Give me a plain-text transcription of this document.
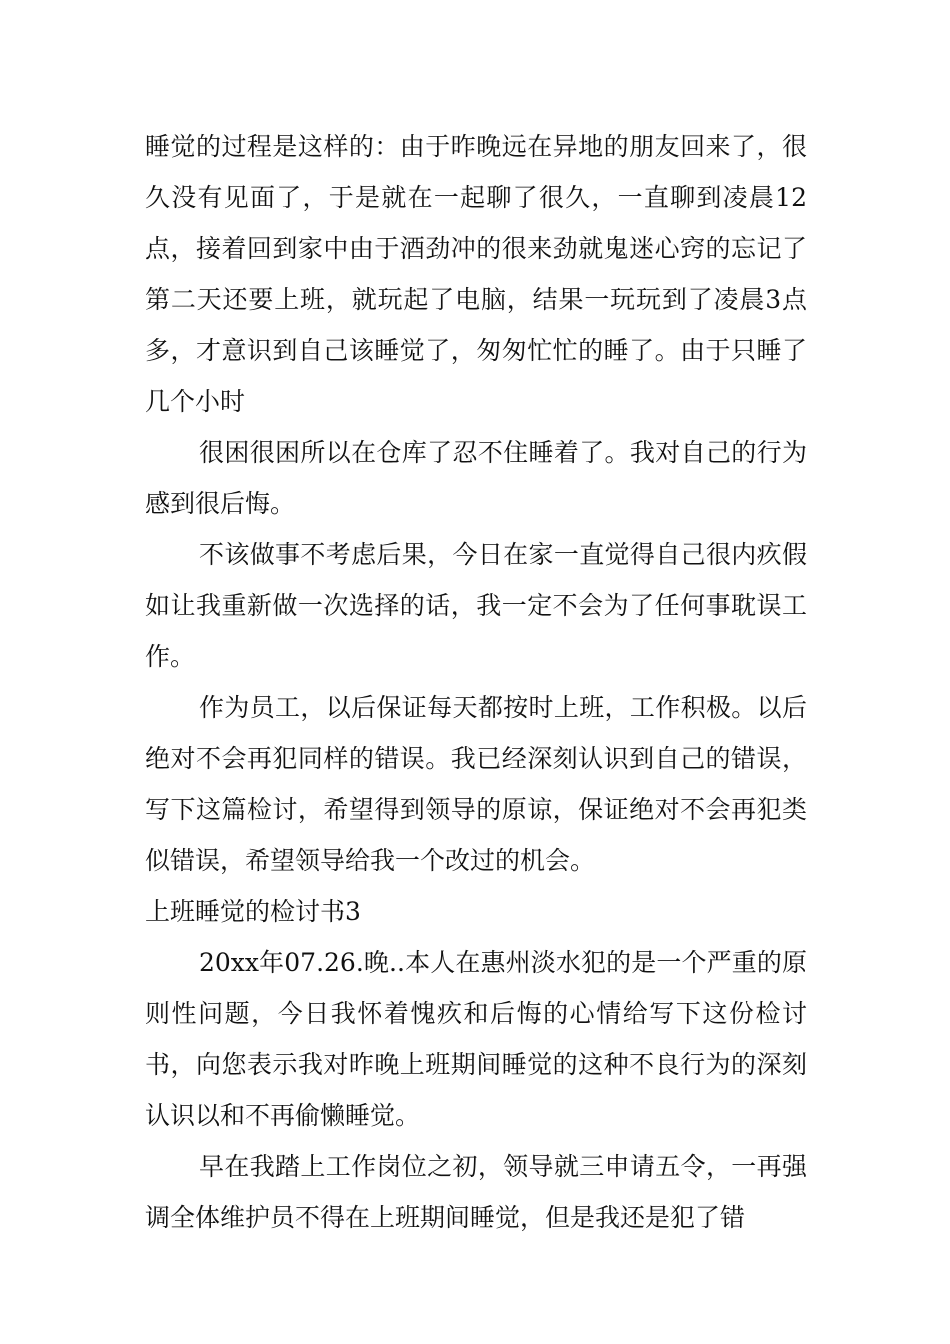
睡觉的过程是这样的：由于昨晚远在异地的朋友回来了，很久没有见面了，于是就在一起聊了很久，一直聊到凌晨12点，接着回到家中由于酒劲冲的很来劲就鬼迷心窍的忘记了第二天还要上班，就玩起了电脑，结果一玩玩到了凌晨3点多，才意识到自己该睡觉了，匆匆忙忙的睡了。由于只睡了几个小时

很困很困所以在仓库了忍不住睡着了。我对自己的行为感到很后悔。

不该做事不考虑后果，今日在家一直觉得自己很内疚假如让我重新做一次选择的话，我一定不会为了任何事耽误工作。

作为员工，以后保证每天都按时上班，工作积极。以后绝对不会再犯同样的错误。我已经深刻认识到自己的错误，写下这篇检讨，希望得到领导的原谅，保证绝对不会再犯类似错误，希望领导给我一个改过的机会。

上班睡觉的检讨书3

20xx年07.26.晚..本人在惠州淡水犯的是一个严重的原则性问题，今日我怀着愧疚和后悔的心情给写下这份检讨书，向您表示我对昨晚上班期间睡觉的这种不良行为的深刻认识以和不再偷懒睡觉。

早在我踏上工作岗位之初，领导就三申请五令，一再强调全体维护员不得在上班期间睡觉，但是我还是犯了错
